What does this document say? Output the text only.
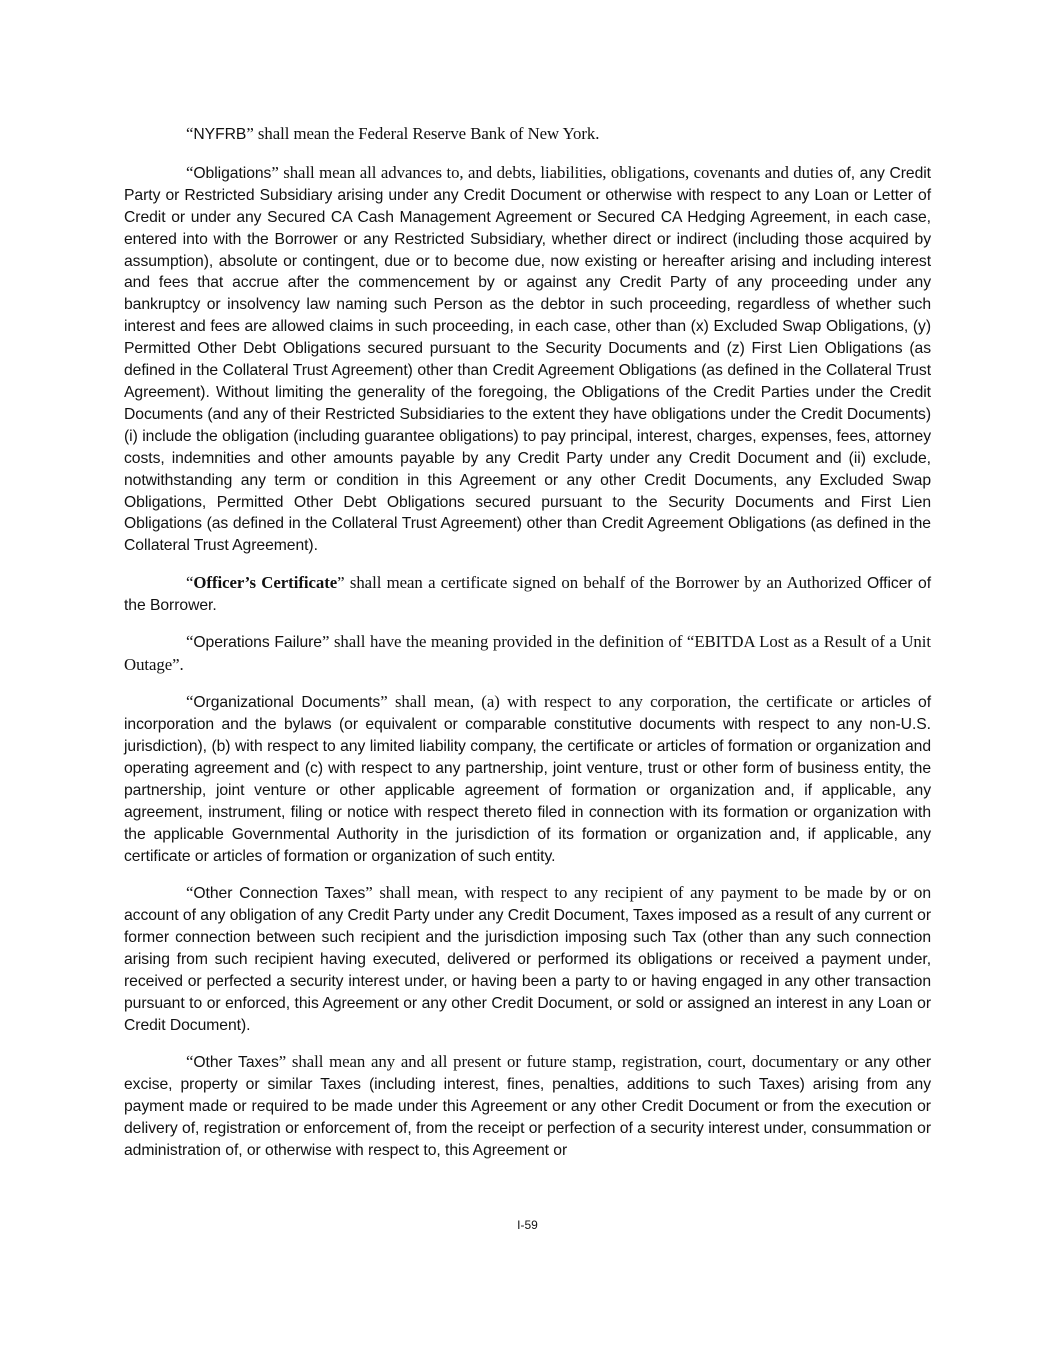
“NYFRB” shall mean the Federal Reserve Bank of New York.

“Obligations” shall mean all advances to, and debts, liabilities, obligations, covenants and duties of, any Credit Party or Restricted Subsidiary arising under any Credit Document or otherwise with respect to any Loan or Letter of Credit or under any Secured CA Cash Management Agreement or Secured CA Hedging Agreement, in each case, entered into with the Borrower or any Restricted Subsidiary, whether direct or indirect (including those acquired by assumption), absolute or contingent, due or to become due, now existing or hereafter arising and including interest and fees that accrue after the commencement by or against any Credit Party of any proceeding under any bankruptcy or insolvency law naming such Person as the debtor in such proceeding, regardless of whether such interest and fees are allowed claims in such proceeding, in each case, other than (x) Excluded Swap Obligations, (y) Permitted Other Debt Obligations secured pursuant to the Security Documents and (z) First Lien Obligations (as defined in the Collateral Trust Agreement) other than Credit Agreement Obligations (as defined in the Collateral Trust Agreement). Without limiting the generality of the foregoing, the Obligations of the Credit Parties under the Credit Documents (and any of their Restricted Subsidiaries to the extent they have obligations under the Credit Documents) (i) include the obligation (including guarantee obligations) to pay principal, interest, charges, expenses, fees, attorney costs, indemnities and other amounts payable by any Credit Party under any Credit Document and (ii) exclude, notwithstanding any term or condition in this Agreement or any other Credit Documents, any Excluded Swap Obligations, Permitted Other Debt Obligations secured pursuant to the Security Documents and First Lien Obligations (as defined in the Collateral Trust Agreement) other than Credit Agreement Obligations (as defined in the Collateral Trust Agreement).

“Officer’s Certificate” shall mean a certificate signed on behalf of the Borrower by an Authorized Officer of the Borrower.

“Operations Failure” shall have the meaning provided in the definition of “EBITDA Lost as a Result of a Unit Outage”.

“Organizational Documents” shall mean, (a) with respect to any corporation, the certificate or articles of incorporation and the bylaws (or equivalent or comparable constitutive documents with respect to any non-U.S. jurisdiction), (b) with respect to any limited liability company, the certificate or articles of formation or organization and operating agreement and (c) with respect to any partnership, joint venture, trust or other form of business entity, the partnership, joint venture or other applicable agreement of formation or organization and, if applicable, any agreement, instrument, filing or notice with respect thereto filed in connection with its formation or organization with the applicable Governmental Authority in the jurisdiction of its formation or organization and, if applicable, any certificate or articles of formation or organization of such entity.

“Other Connection Taxes” shall mean, with respect to any recipient of any payment to be made by or on account of any obligation of any Credit Party under any Credit Document, Taxes imposed as a result of any current or former connection between such recipient and the jurisdiction imposing such Tax (other than any such connection arising from such recipient having executed, delivered or performed its obligations or received a payment under, received or perfected a security interest under, or having been a party to or having engaged in any other transaction pursuant to or enforced, this Agreement or any other Credit Document, or sold or assigned an interest in any Loan or Credit Document).

“Other Taxes” shall mean any and all present or future stamp, registration, court, documentary or any other excise, property or similar Taxes (including interest, fines, penalties, additions to such Taxes) arising from any payment made or required to be made under this Agreement or any other Credit Document or from the execution or delivery of, registration or enforcement of, from the receipt or perfection of a security interest under, consummation or administration of, or otherwise with respect to, this Agreement or

I-59
